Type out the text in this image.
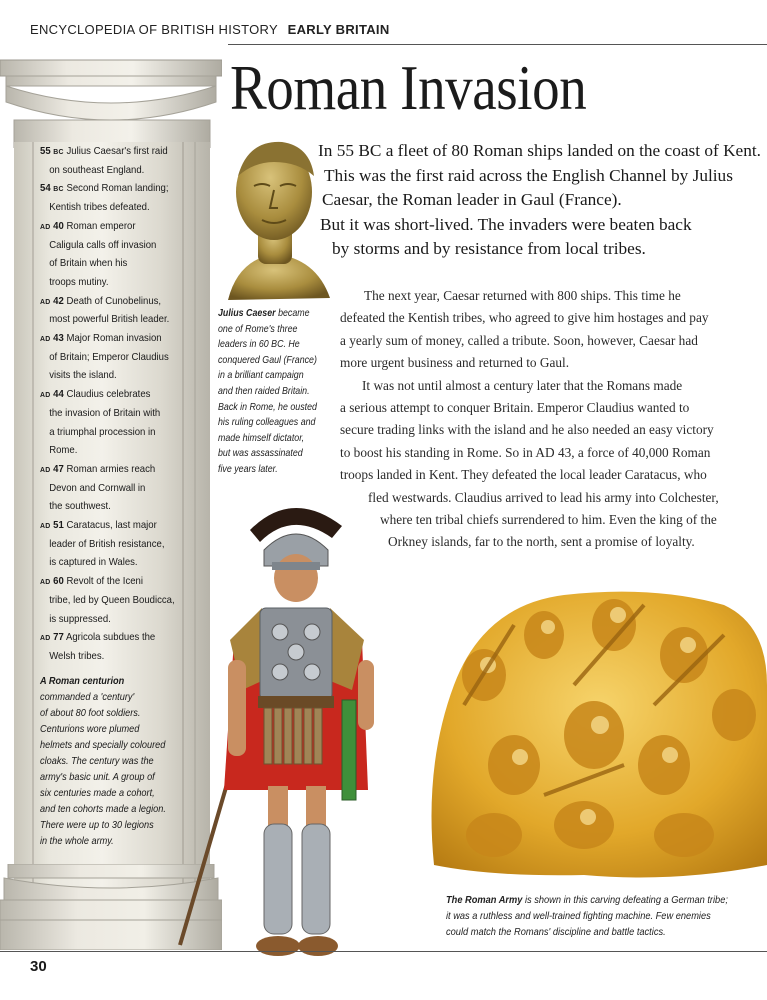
ENCYCLOPEDIA OF BRITISH HISTORY EARLY BRITAIN
Roman Invasion
55 BC Julius Caesar's first raid
on southeast England.
54 BC Second Roman landing;
Kentish tribes defeated.
AD 40 Roman emperor
Caligula calls off invasion
of Britain when his
troops mutiny.
AD 42 Death of Cunobelinus,
most powerful British leader.
AD 43 Major Roman invasion
of Britain; Emperor Claudius
visits the island.
AD 44 Claudius celebrates
the invasion of Britain with
a triumphal procession in
Rome.
AD 47 Roman armies reach
Devon and Cornwall in
the southwest.
AD 51 Caratacus, last major
leader of British resistance,
is captured in Wales.
AD 60 Revolt of the Iceni
tribe, led by Queen Boudicca,
is suppressed.
AD 77 Agricola subdues the
Welsh tribes.
A Roman centurion
commanded a 'century'
of about 80 foot soldiers.
Centurions wore plumed
helmets and specially coloured
cloaks. The century was the
army's basic unit. A group of
six centuries made a cohort,
and ten cohorts made a legion.
There were up to 30 legions
in the whole army.
Julius Caeser became
one of Rome's three
leaders in 60 BC. He
conquered Gaul (France)
in a brilliant campaign
and then raided Britain.
Back in Rome, he ousted
his ruling colleagues and
made himself dictator,
but was assassinated
five years later.
In 55 BC a fleet of 80 Roman ships landed on the coast of Kent.
This was the first raid across the English Channel by Julius
Caesar, the Roman leader in Gaul (France).
But it was short-lived. The invaders were beaten back
by storms and by resistance from local tribes.
The next year, Caesar returned with 800 ships. This time he
defeated the Kentish tribes, who agreed to give him hostages and pay
a yearly sum of money, called a tribute. Soon, however, Caesar had
more urgent business and returned to Gaul.
It was not until almost a century later that the Romans made
a serious attempt to conquer Britain. Emperor Claudius wanted to
secure trading links with the island and he also needed an easy victory
to boost his standing in Rome. So in AD 43, a force of 40,000 Roman
troops landed in Kent. They defeated the local leader Caratacus, who
fled westwards. Claudius arrived to lead his army into Colchester,
where ten tribal chiefs surrendered to him. Even the king of the
Orkney islands, far to the north, sent a promise of loyalty.
The Roman Army is shown in this carving defeating a German tribe;
it was a ruthless and well-trained fighting machine. Few enemies
could match the Romans' discipline and battle tactics.
30
